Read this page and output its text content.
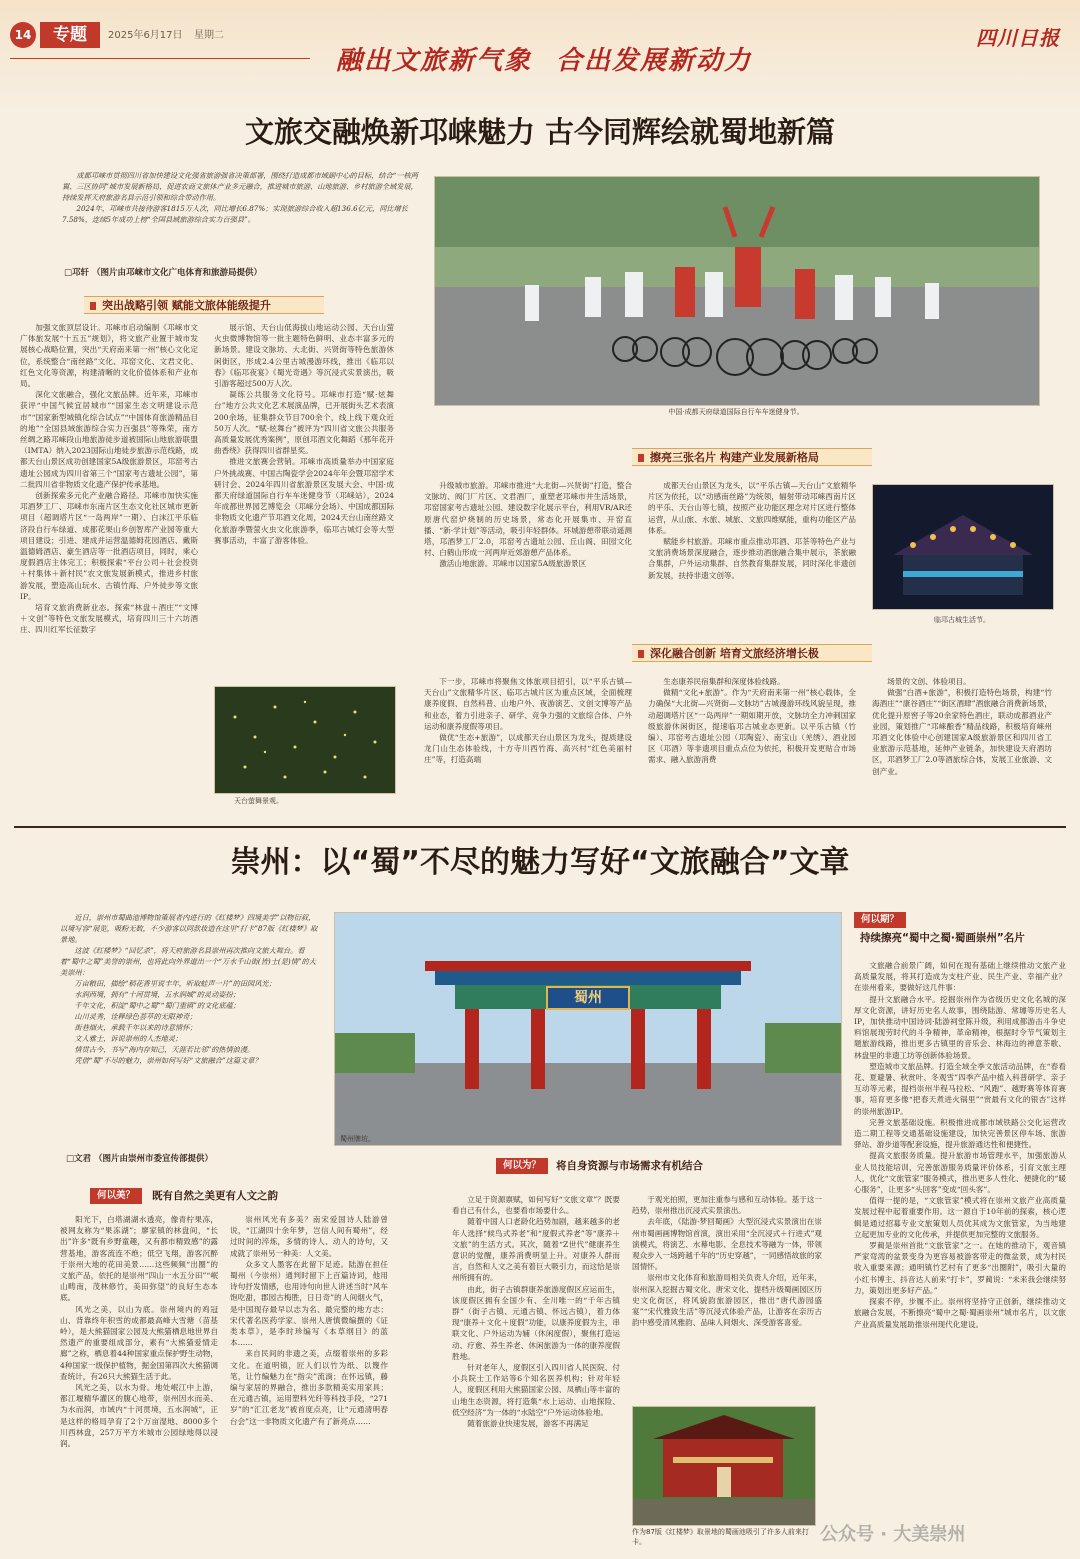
14	专题	2025年6月17日 星期二
融出文旅新气象 合出发展新动力
四川日报
文旅交融焕新邛崃魅力 古今同辉绘就蜀地新篇

成都邛崃市贯彻四川省加快建设文化强省旅游强省决策部署，围绕打造成都市域副中心的目标，结合“一核两翼、三区协同”城市发展新格局，促进农商文旅体产业多元融合，推进城市旅游、山地旅游、乡村旅游全域发展，持续发挥天府旅游名县示范引领和综合带动作用。

2024年，邛崃市共接待游客1815万人次，同比增长6.87%；实现旅游综合收入超136.6亿元，同比增长7.58%，连续5年成功上榜“全国县域旅游综合实力百强县”。

□邛轩 （图片由邛崃市文化广电体育和旅游局提供）
中国·成都天府绿道国际自行车车迷健身节。
突出战略引领 赋能文旅体能级提升

加强文旅顶层设计。邛崃市启动编制《邛崃市文广体旅发展“十五五”规划》，将文旅产业置于城市发展核心战略位置，突出“天府南来第一州”核心文化定位，系统整合“南丝路”文化、邛窑文化、文君文化、红色文化等资源，构建清晰的文化价值体系和产业布局。

深化文旅融合，强化文旅品牌。近年来，邛崃市获评“中国气候宜居城市”“国家生态文明建设示范市”“国家新型城镇化综合试点”“中国体育旅游精品目的地”“全国县域旅游综合实力百强县”等殊荣，南方丝绸之路邛崃段山地旅游徒步道被国际山地旅游联盟（IMTA）纳入2023国际山地徒步旅游示范线路，成都天台山景区成功创建国家5A级旅游景区，邛窑考古遗址公园成为四川省第三个“国家考古遗址公园”，第二批四川省非物质文化遗产保护传承基地。

创新探索多元化产业融合路径。邛崃市加快实施邛酒梦工厂、邛崃市东南片区生态文化社区城市更新项目（超调塔片区“一岛两岸”一期）、白沫江平乐临济段自行车绿道、成都花果山乡创智库产业园等重大项目建设；引进、建成并运营温德姆花园酒店、戴斯温德姆酒店、豪生酒店等一批酒店项目，同时，乘心度假酒店主体完工；积极探索“平台公司＋社会投资＋村集体＋新村民”农文旅发展新模式，推进乡村旅游发展，塑造高山玩水、古镇竹海、户外徒步等文旅IP。

培育文旅消费新业态。探索“林盘＋酒庄”“文博＋文创”等特色文旅发展模式，培育四川三十六坊酒庄、四川红军长征数字

展示馆、天台山低海拔山地运动公园、天台山萤火虫微博物馆等一批主题特色鲜明、业态丰富多元的新场景。建设文脉坊、大北街、兴贤街等特色旅游休闲街区，形成2.4公里古城漫游环线，推出《临邛以春》《临邛夜宴》《蜀光奇遇》等沉浸式实景演出，吸引游客超过500万人次。

凝练公共服务文化符号。邛崃市打造“赋·炫舞台”地方公共文化艺术展演品牌，已开展街头艺术表演200余场，征集群众节目700余个，线上线下观众近50万人次。“赋·炫舞台”被评为“四川省文旅公共服务高质量发展优秀案例”，原创邛酒文化舞蹈《那年花开曲香绕》获得四川省群星奖。

推进文旅赛会营销。邛崃市高质量举办中国家庭户外挑战赛、中国古陶瓷学会2024年年会暨邛窑学术研讨会、2024年四川省旅游景区发展大会、中国·成都天府绿道国际自行车车迷健身节（邛崃站），2024年成都世界园艺博览会（邛崃分会场）、中国成都国际非物质文化遗产节邛酒文化周，2024天台山南丝路文化旅游季暨萤火虫文化旅游季，临邛古城灯会等大型赛事活动，丰富了游客体验。

天台萤舞景观。
擦亮三张名片 构建产业发展新格局

升级城市旅游。邛崃市推进“大北街—兴贤街”打造，整合文脉坊、阀门厂片区、文君酒厂，重塑老邛崃市井生活场景，邛窑国家考古遗址公园、建设数字化展示平台，利用VR/AR还原唐代窑炉烧制的历史场景，常态化开展集市、开窑直播、“新·学计划”等活动，吸引年轻群体。环城游憩带联动遥测塔，邛酒梦工厂2.0，邛窑考古遗址公园、丘山阁、田园文化村、白鹤山形成一河两岸近郊游憩产品体系。

激活山地旅游。邛崃市以国家5A级旅游景区

成都天台山景区为龙头，以“平乐古镇—天台山”文旅精华片区为依托，以“动感南丝路”为统领，辐射带动邛崃西南片区的平乐、天台山等七镇，按照产业功能区理念对片区进行整体运营，从山旅、水旅、城旅、文旅四维赋能，重构功能区产品体系。

赋能乡村旅游。邛崃市重点推动邛酒、邛茶等特色产业与文旅消费场景深度融合，逐步推动酒旅融合集中展示，茶旅融合集群，户外运动集群、自然教育集群发展，同时深化非遗创新发展，扶持非遗文创等。

临邛古城生活节。
深化融合创新 培育文旅经济增长极

下一步，邛崃市将聚焦文体旅项目招引，以“平乐古镇—天台山”文旅精华片区、临邛古城片区为重点区域，全面梳理康养度假、自然科普、山地户外、夜游演艺、文创文博等产品和业态，着力引进亲子、研学、竞争力强的文旅综合体、户外运动和康养度假等项目。

做优“生态+旅游”，以成都天台山景区为龙头，提质建设龙门山生态体验线，十方寺川西竹海、高兴村“红色美丽村庄”等，打造高端

生态康养民宿集群和深度体验线路。

做精“文化+旅游”。作为“天府南来第一州”核心载体，全力确保“大北街—兴贤街—文脉坊”古城漫游环线风貌呈现，推动超调塔片区“一岛两岸”一期如期开放，文脉坊全力冲刺国家级旅游休闲街区，提速临邛古城业态更新。以平乐古镇（竹编）、邛窑考古遗址公园（邛陶瓷）、南宝山（羌绣）、酒业园区（邛酒）等非遗项目重点点位为依托，积极开发更贴合市场需求、融入旅游消费

场景的文创、体验项目。

做强“白酒+旅游”，积极打造特色场景，构建“竹海酒庄”“康谷酒庄”“街区酒肆”酒旅融合消费新场景，优化提升原窖子等20余家特色酒庄，联动成都酒业产业园，策划推广“邛崃酿香”精品线路，积极培育崃州邛酒文化体验中心创建国家A级旅游景区和四川省工业旅游示范基地，延伸产业链条，加快建设天府酒坊区，邛酒梦工厂2.0等酒旅综合体，发展工业旅游、文创产业。

崇州：以“蜀”不尽的魅力写好“文旅融合”文章

近日，崇州市蜀曲池博物馆策展者内进行的《红楼梦》四境美学”以物衍叙，以境写容“展览，吸粉无数，不少游客以同款妆造在这里“打卡”87版《红楼梦》取景地。

这波《红楼梦》“回忆杀”，将天府旅游名县崇州再次推向文旅大舞台。看着“蜀中之蜀”美誉的崇州，也将此向外界道出一个“万水千山街(皆)士(是)情”的大美崇州：

万亩粮田，描绘“稻花香里说丰年，听取蛙声一片”的田园风光；

水润西境，拥有“十河贯境，五水润城”的灵动姿扮；

千年文化，积淀“蜀中之蜀”“蜀门重镇”的文化底蕴；

山川灵秀，诠释绿色荟萃的无限神奇；

街巷烟火，承载千年以来的诗意情怀；

文人雅士，诉说崇州的人杰地灵；

情贯古今，书写“海内存知己，天涯若比邻”的热情浪漫。

凭借“蜀”不尽的魅力，崇州如何写好“文旅融合”这篇文章？

□文君 （图片由崇州市委宣传部提供）
蜀州
蜀州牌坊。
何以期？
持续擦亮“蜀中之蜀·蜀画崇州”名片

文旅融合前景广阔，如何在现有基础上继续推动文旅产业高质量发展，将其打造成为支柱产业、民生产业、幸福产业？在崇州看来，要做好这几件事：

提升文旅融合水平。挖掘崇州作为省级历史文化名城的深厚文化资源，讲好历史名人故事，围绕陆游、常璩等历史名人IP，加快推动中国诗词·陆游祠堂陈升级，利用成都游击斗争史料馆展现劳时代的斗争精神，革命精神，根据时令节气策划主题旅游线路，推出更多古镇里的音乐会、林海边的禅意茶歌、林盘里的非遗工坊等创新体验场景。

塑造城市文旅品牌。打造全域全季文旅活动品牌，在“春看花、夏避暑、秋赏叶、冬观雪”四季产品中植入科普研学、亲子互动等元素，提档崇州半程马拉松、“风跑”、越野赛等体育赛事，培育更多像“把春天煮进火锅里”“赏最有文化的银杏”这样的崇州旅游IP。

完善文旅基础设施。积极推进成都市域铁路公交化运营改造二期工程等交通基础设施建设，加快完善景区停车场、旅游驿站、游步道等配套设施，提升旅游通达性和便捷性。

提高文旅服务质量。提升旅游市场管理水平，加强旅游从业人员技能培训，完善旅游服务质量评价体系，引育文旅主理人，优化“文旅管家”服务模式，推出更多人性化、便捷化的“暖心服务”，让更多“头回客”变成“回头客”。

值得一提的是，“文旅管家”模式将在崇州文旅产业高质量发展过程中起着重要作用。这一源自于10年前的探索，核心逻辑是通过招募专业文旅策划人员优其成为文旅管家，为当地建立起更加专业的文化传承，并提供更加完整的文旅服务。

罗蔺是崇州首批“文旅管家”之一。在她的推动下，观音镇严家弯湾的盆景变身为更容易被游客带走的微盆景，成为村民收入重要来源；通明镇竹艺村有了更多“出圈附”，吸引大量的小红书博主、抖音达人前来“打卡”，罗蔺说：“未来我会继续努力，策划出更多好产品。”

探索不停，步履不止。崇州将坚持守正创新，继续推动文旅融合发展，不断擦亮“蜀中之蜀·蜀画崇州”城市名片，以文旅产业高质量发展助推崇州现代化建设。

何以为？	将自身资源与市场需求有机结合
何以美？	既有自然之美更有人文之韵

阳光下，白塔湖湖水透亮，像青柠果冻，被网友称为“果冻湖”；廖家镇的林盘间，“长出”许多“既有乡野童趣，又有都市精致感”的露营基地，游客流连不绝；低空飞翔，游客沉醉于崇州大地的花田美景……这些频频“出圈”的文旅产品，依托的是崇州“四山一水五分田”“岷山畴南，茂林修竹，美田弥望”的良好生态本底。

风光之美，以山为底。崇州境内的鸡冠山、背靠终年积雪的成都最高峰大雪塘（苗基岭），是大熊猫国家公园及大熊猫栖息地世界自然遗产的重要组成部分，素有“大熊猫爱情走廊”之称，栖息着44种国家重点保护野生动物，4种国家一级保护植物，掘金国第四次大熊猫调查统计，有26只大熊猫生活于此。

风光之美，以水为骨。地处岷江中上游，都江堰精华灌区的腹心地带，崇州因水而美、为水而润，市域内“十河贯境，五水润城”，正是这样的格局孕育了2个万亩湿地、8000多个川西林盘，257万平方米城市公园绿地得以浸润。

崇州风光有多美？南宋爱国诗人陆游曾说，“江湖四十余年梦，岂信人间有蜀州”，经过时间的淬炼，多情的诗人、动人的诗句，又成就了崇州另一种美：人文美。

众多文人墨客在此留下足迹。陆游在担任蜀州（今崇州）通判时留下上百篇诗词，他用诗句抒发情感，也用诗句向世人讲述当时“风车饱吃甜，郡园古梅胜，日日奇”的人间烟火气，是中国现存最早以志为名、最完整的地方志；宋代著名医药学家、崇州人唐慎微编撰的《证类本草》，是李时珍编写《本草纲目》的蓝本……

来自民间的非遗之美，点缀着崇州的多彩文化。在道明镇，匠人们以竹为纸、以篾作笔，让竹编魅力在“指尖”流淌；在怀远镇，藤编与家居的界融合，推出多款精美实用家具；在元通古镇，运用塑料光纤等科技手段，“271岁”的“汇江老龙”被首度点亮，让“元通清明春台会”这一非物质文化遗产有了新亮点……

立足于资源禀赋，如何写好“文旅文章”？既要看自己有什么，也要看市场要什么。

随着中国人口老龄化趋势加剧，越来越多的老年人选择“候鸟式养老”和“度假式养老”等“康养＋文旅”的生活方式。其次，随着“Z世代”健康养生意识的觉醒，康养消费明显上升。对康养人群而言，自然和人文之美有着巨大吸引力，而这恰是崇州所拥有的。

由此，街子古镇群康养旅游度假区应运而生，该度假区拥有全国少有、全川唯一的“千年古镇群”（街子古镇、元通古镇、怀远古镇），着力体现“康养＋文化＋度假”功能，以康养度假为主，串联文化、户外运动为辅（休闲度假），聚焦打造运动、疗愈、养生养老、休闲旅游为一体的康养度假胜地。

针对老年人，度假区引入四川省人民医院、付小兵院士工作站等6个知名医养机构；针对年轻人，度假区利用大熊猫国家公园、凤栖山等丰富的山地生态资源，将打造集“水上运动、山地探险、低空经济”为一体的“水陆空”户外运动体验地。

随着旅游业快速发展，游客不再满足

于观光拍照，更加注重参与感和互动体验。基于这一趋势，崇州推出沉浸式实景演出。

去年底，《陆游·梦回蜀画》大型沉浸式实景演出在崇州市蜀画画博物馆首演，演出采用“全沉浸式＋行进式”观演模式，将演艺、水幕电影、全息技术等融为一体，带领观众步入一场跨越千年的“历史穿越”，一同感悟故旅的家国情怀。

崇州市文化体育和旅游局相关负责人介绍，近年来，崇州深入挖掘古蜀文化、唐宋文化、提档升级蜀画园区历史文化街区，将风貌韵旅游园区，推出“唐代游园盛宴”“宋代雅致生活”等沉浸式体验产品，让游客在亲历古韵中感受清风雅韵、品味人间烟火、深受游客喜爱。

作为87版《红楼梦》取景地的蜀画池吸引了许多人前来打卡。	公众号 · 大美崇州
